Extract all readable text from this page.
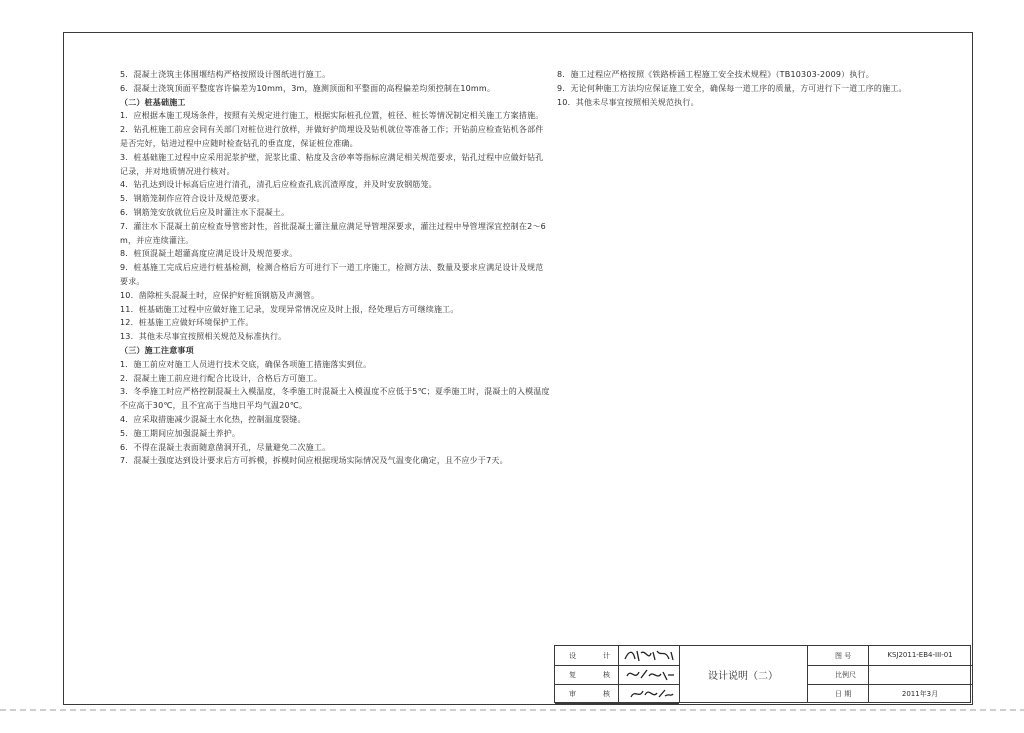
5．混凝土浇筑主体围堰结构严格按照设计图纸进行施工。

6．混凝土浇筑顶面平整度容许偏差为10mm，3m，施测顶面和平整面的高程偏差均须控制在10mm。

（二）桩基础施工

1．应根据本施工现场条件，按照有关规定进行施工，根据实际桩孔位置，桩径、桩长等情况制定相关施工方案措施。

2．钻孔桩施工前应会同有关部门对桩位进行放样，并做好护筒埋设及钻机就位等准备工作；开钻前应检查钻机各部件是否完好，钻进过程中应随时检查钻孔的垂直度，保证桩位准确。

3．桩基础施工过程中应采用泥浆护壁，泥浆比重、粘度及含砂率等指标应满足相关规范要求，钻孔过程中应做好钻孔记录，并对地质情况进行核对。

4．钻孔达到设计标高后应进行清孔，清孔后应检查孔底沉渣厚度，并及时安放钢筋笼。

5．钢筋笼制作应符合设计及规范要求。

6．钢筋笼安放就位后应及时灌注水下混凝土。

7．灌注水下混凝土前应检查导管密封性，首批混凝土灌注量应满足导管埋深要求，灌注过程中导管埋深宜控制在2～6m，并应连续灌注。

8．桩顶混凝土超灌高度应满足设计及规范要求。

9．桩基施工完成后应进行桩基检测，检测合格后方可进行下一道工序施工，检测方法、数量及要求应满足设计及规范要求。

10．凿除桩头混凝土时，应保护好桩顶钢筋及声测管。

11．桩基础施工过程中应做好施工记录，发现异常情况应及时上报，经处理后方可继续施工。

12．桩基施工应做好环境保护工作。

13．其他未尽事宜按照相关规范及标准执行。

（三）施工注意事项

1．施工前应对施工人员进行技术交底，确保各项施工措施落实到位。

2．混凝土施工前应进行配合比设计，合格后方可施工。

3．冬季施工时应严格控制混凝土入模温度，冬季施工时混凝土入模温度不应低于5℃；夏季施工时，混凝土的入模温度不应高于30℃，且不宜高于当地日平均气温20℃。

4．应采取措施减少混凝土水化热，控制温度裂缝。

5．施工期间应加强混凝土养护。

6．不得在混凝土表面随意凿洞开孔，尽量避免二次施工。

7．混凝土强度达到设计要求后方可拆模，拆模时间应根据现场实际情况及气温变化确定，且不应少于7天。

8．施工过程应严格按照《铁路桥涵工程施工安全技术规程》（TB10303-2009）执行。

9．无论何种施工方法均应保证施工安全，确保每一道工序的质量，方可进行下一道工序的施工。

10．其他未尽事宜按照相关规范执行。

设	计
复	核
审	核
设计说明（二）
图 号	KSJ2011-EB4-III-01
比例尺
日 期	2011年3月
